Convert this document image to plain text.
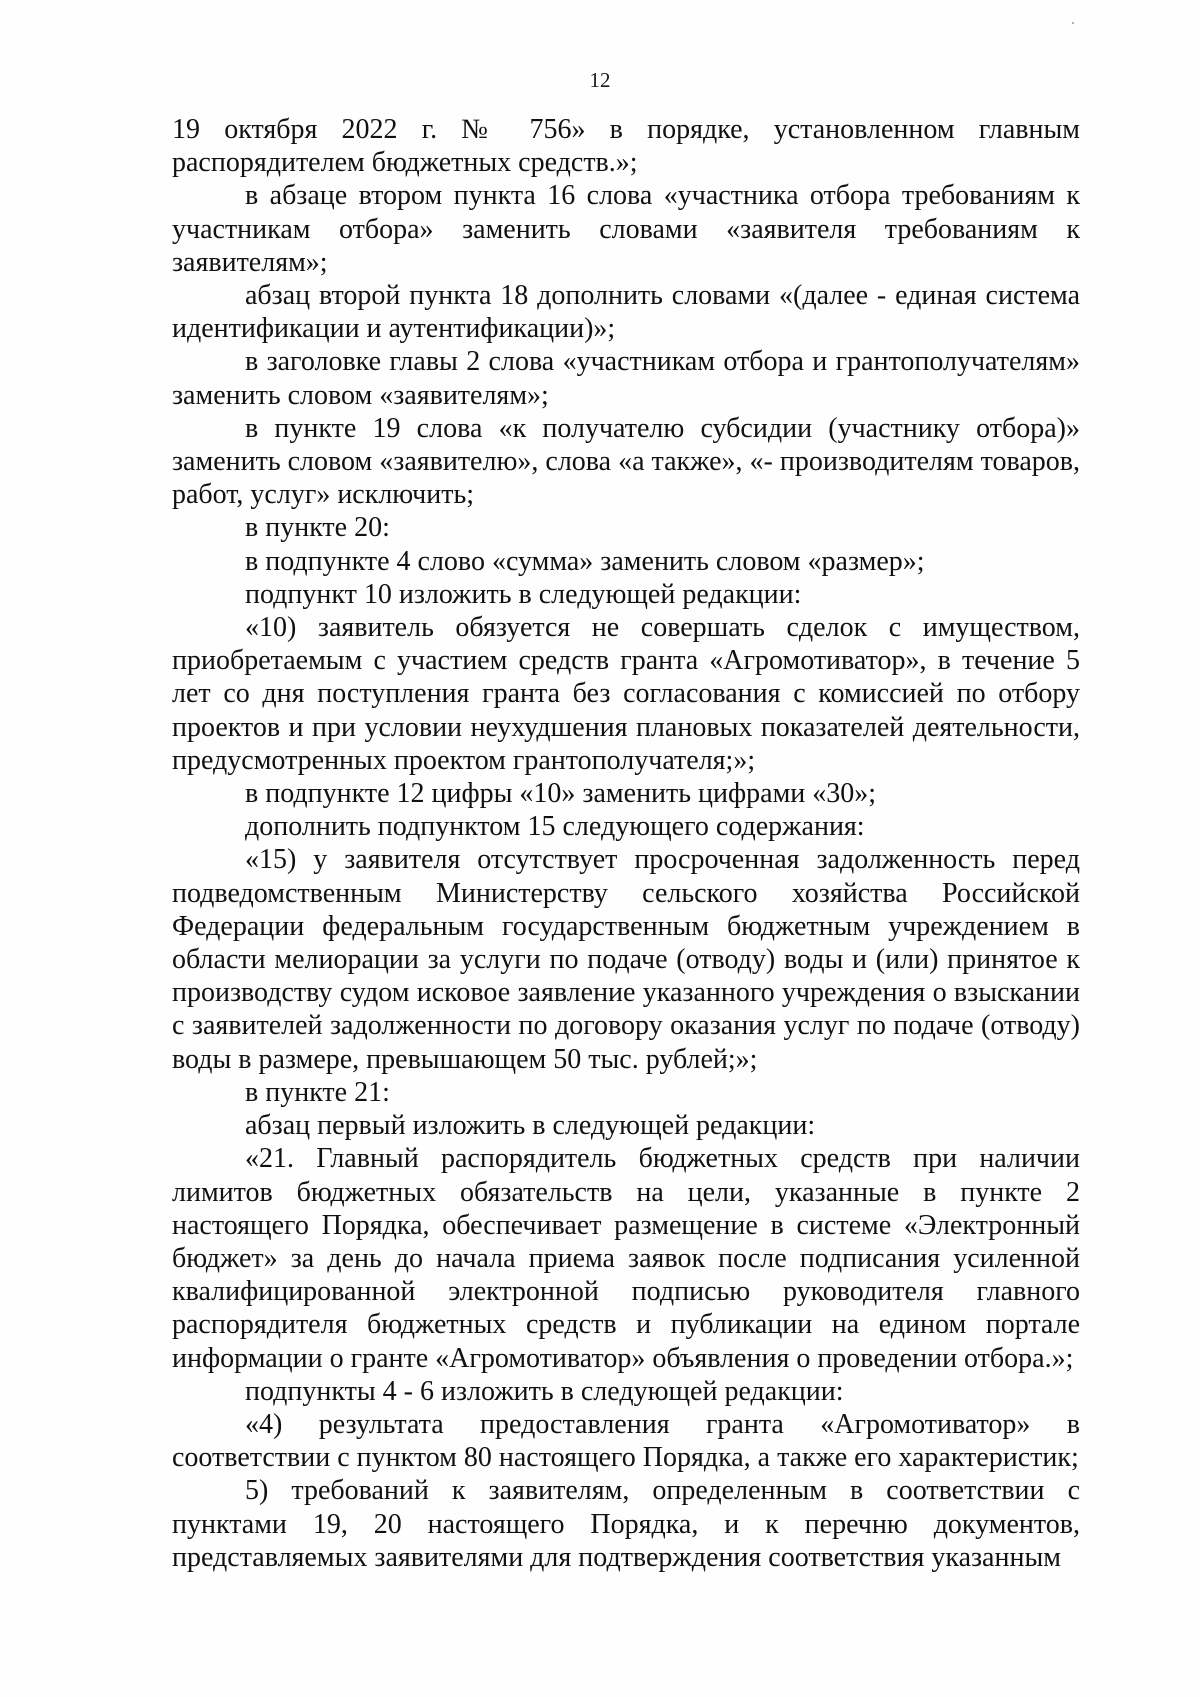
12

19 октября 2022 г. № 756» в порядке, установленном главным распорядителем бюджетных средств.»;

в абзаце втором пункта 16 слова «участника отбора требованиям к участникам отбора» заменить словами «заявителя требованиям к заявителям»;

абзац второй пункта 18 дополнить словами «(далее - единая система идентификации и аутентификации)»;

в заголовке главы 2 слова «участникам отбора и грантополучателям» заменить словом «заявителям»;

в пункте 19 слова «к получателю субсидии (участнику отбора)» заменить словом «заявителю», слова «а также», «- производителям товаров, работ, услуг» исключить;

в пункте 20:

в подпункте 4 слово «сумма» заменить словом «размер»;

подпункт 10 изложить в следующей редакции:

«10) заявитель обязуется не совершать сделок с имуществом, приобретаемым с участием средств гранта «Агромотиватор», в течение 5 лет со дня поступления гранта без согласования с комиссией по отбору проектов и при условии неухудшения плановых показателей деятельности, предусмотренных проектом грантополучателя;»;

в подпункте 12 цифры «10» заменить цифрами «30»;

дополнить подпунктом 15 следующего содержания:

«15) у заявителя отсутствует просроченная задолженность перед подведомственным Министерству сельского хозяйства Российской Федерации федеральным государственным бюджетным учреждением в области мелиорации за услуги по подаче (отводу) воды и (или) принятое к производству судом исковое заявление указанного учреждения о взыскании с заявителей задолженности по договору оказания услуг по подаче (отводу) воды в размере, превышающем 50 тыс. рублей;»;

в пункте 21:

абзац первый изложить в следующей редакции:

«21. Главный распорядитель бюджетных средств при наличии лимитов бюджетных обязательств на цели, указанные в пункте 2 настоящего Порядка, обеспечивает размещение в системе «Электронный бюджет» за день до начала приема заявок после подписания усиленной квалифицированной электронной подписью руководителя главного распорядителя бюджетных средств и публикации на едином портале информации о гранте «Агромотиватор» объявления о проведении отбора.»;

подпункты 4 - 6 изложить в следующей редакции:

«4) результата предоставления гранта «Агромотиватор» в соответствии с пунктом 80 настоящего Порядка, а также его характеристик;

5) требований к заявителям, определенным в соответствии с пунктами 19, 20 настоящего Порядка, и к перечню документов, представляемых заявителями для подтверждения соответствия указанным
